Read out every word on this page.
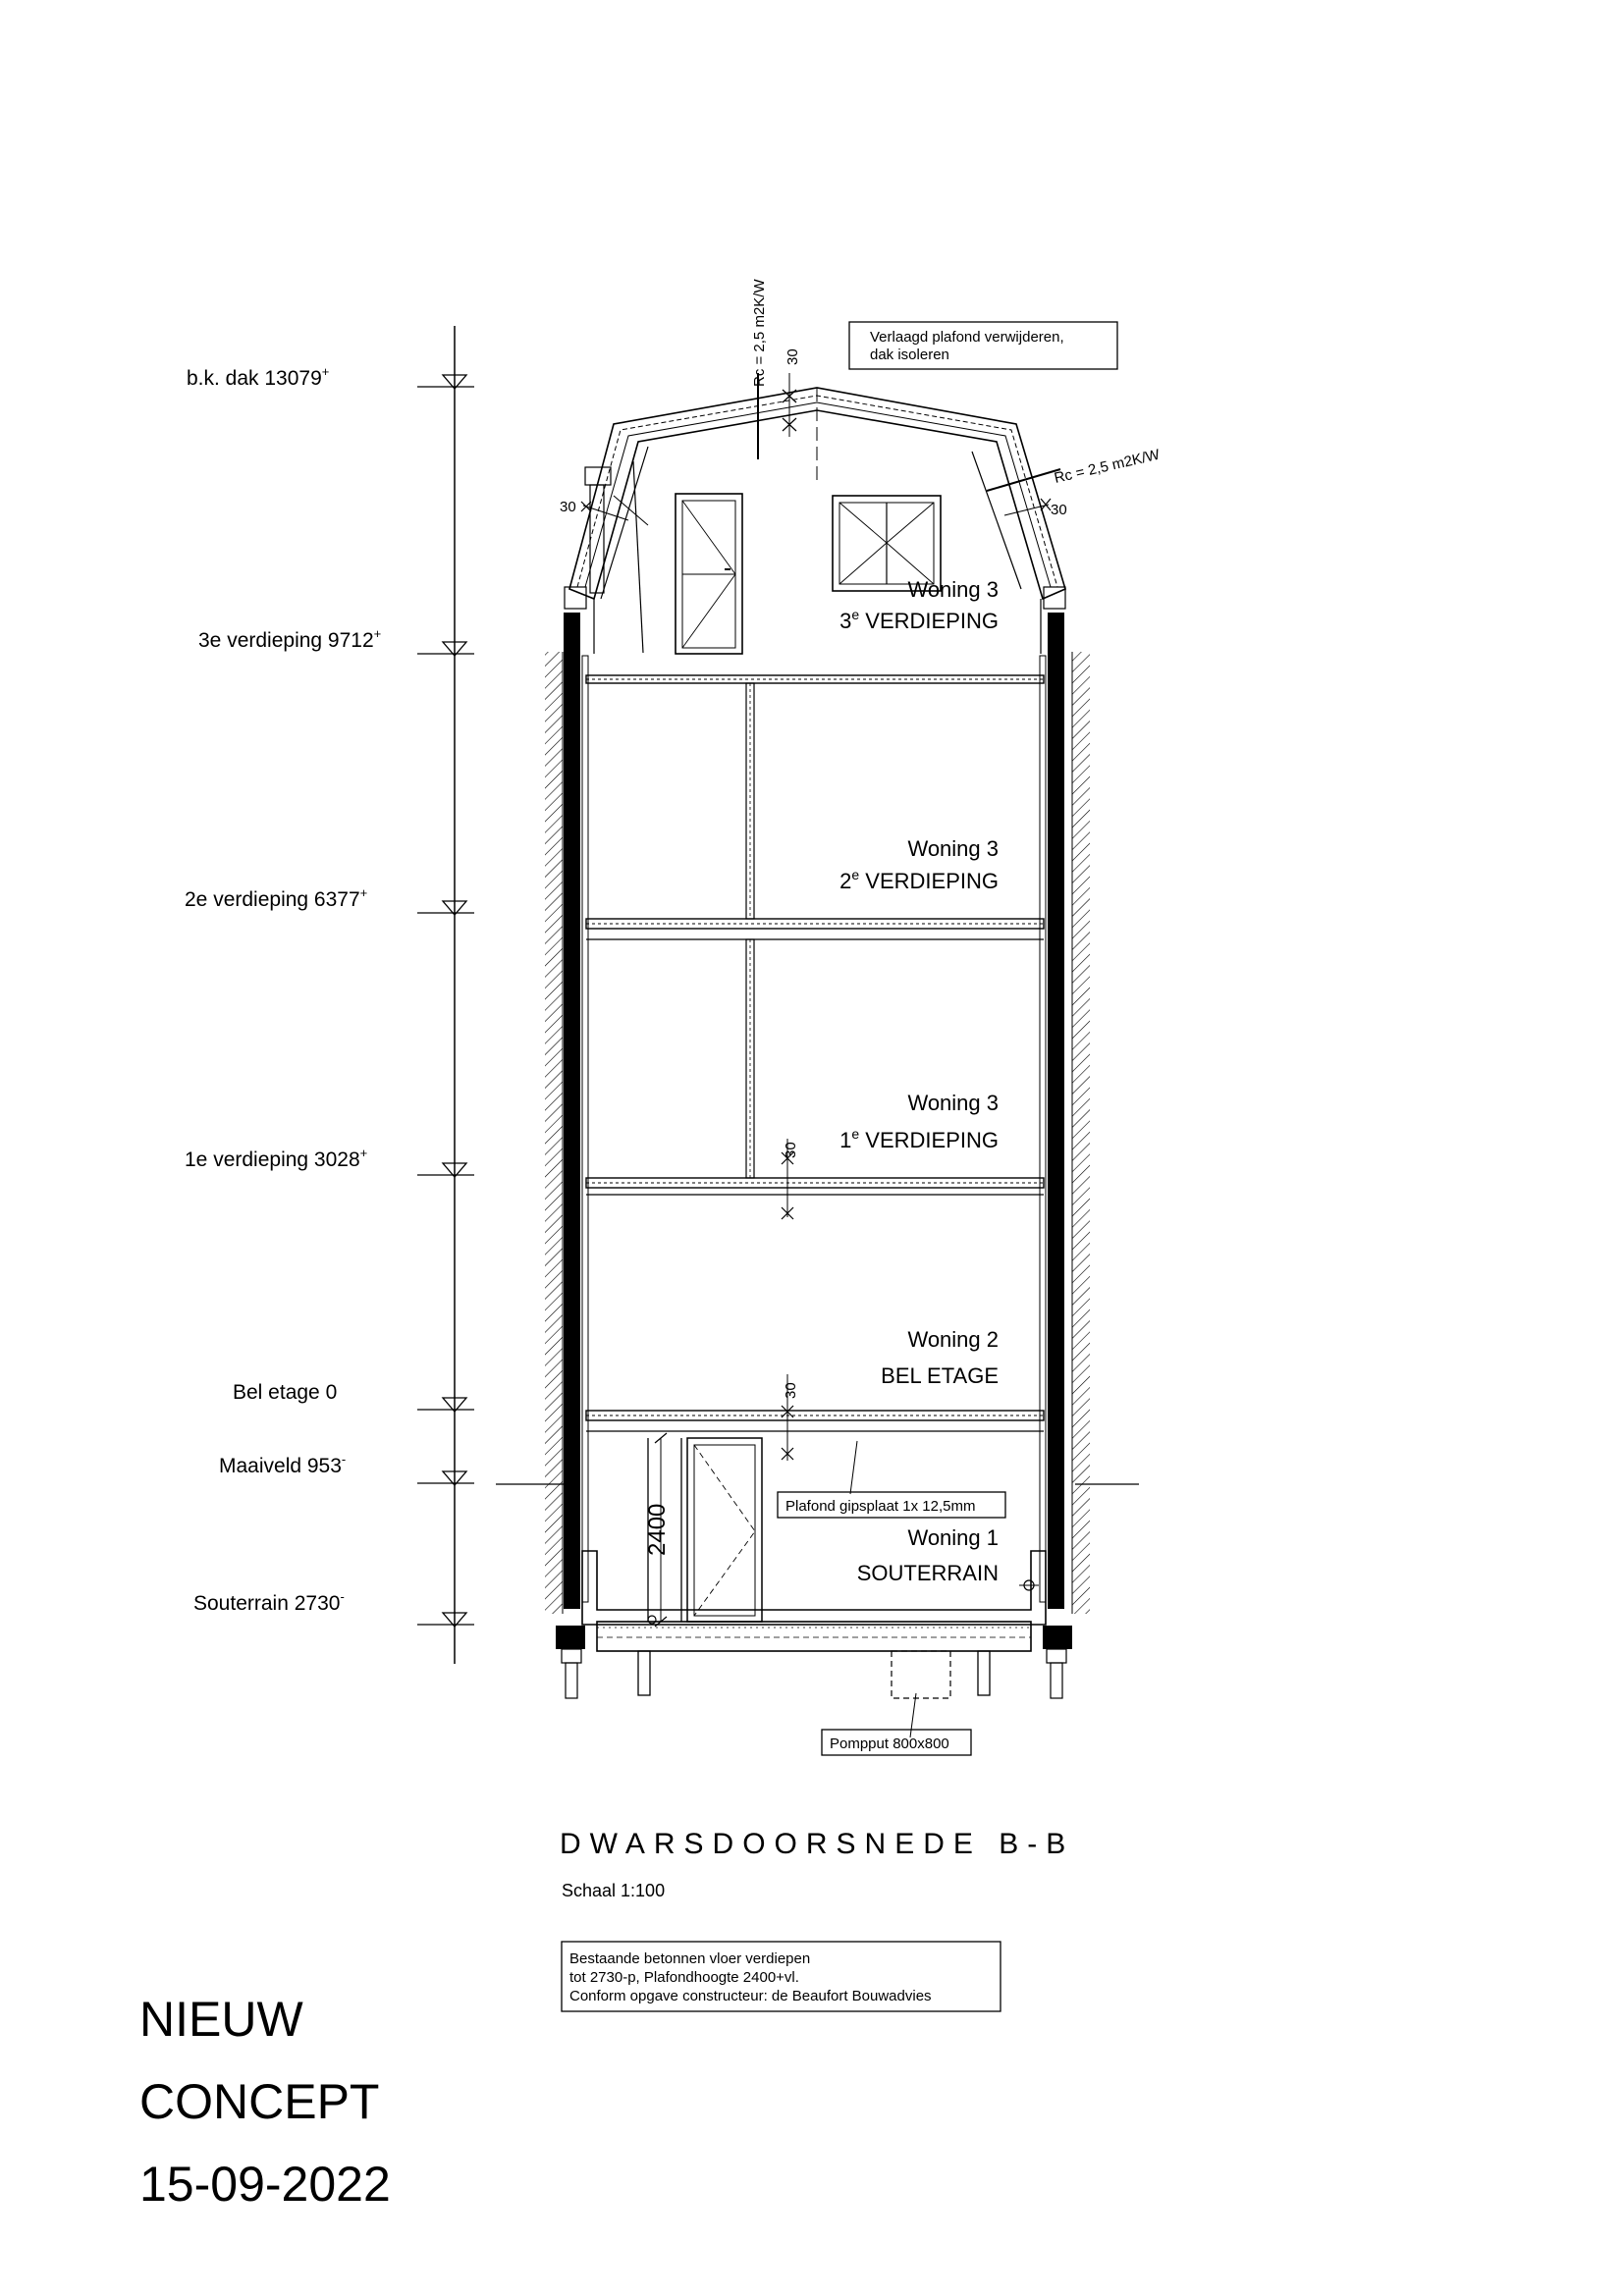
b.k. dak 13079+
3e verdieping 9712+
2e verdieping 6377+
1e verdieping 3028+
Bel etage 0
Maaiveld 953-
Souterrain 2730-
Rc = 2,5 m2K/W 30
Rc = 2,5 m2K/W
30
30
Verlaagd plafond verwijderen,
dak isoleren
Woning 3
3e VERDIEPING
Woning 3
2e VERDIEPING
Woning 3
1e VERDIEPING
Woning 2
BEL ETAGE
Woning 1
SOUTERRAIN
30
30
2400	Plafond gipsplaat 1x 12,5mm
Pompput 800x800
DWARSDOORSNEDE B-B
Schaal 1:100
Bestaande betonnen vloer verdiepen
tot 2730-p, Plafondhoogte 2400+vl.
Conform opgave constructeur: de Beaufort Bouwadvies
NIEUW
CONCEPT
15-09-2022
